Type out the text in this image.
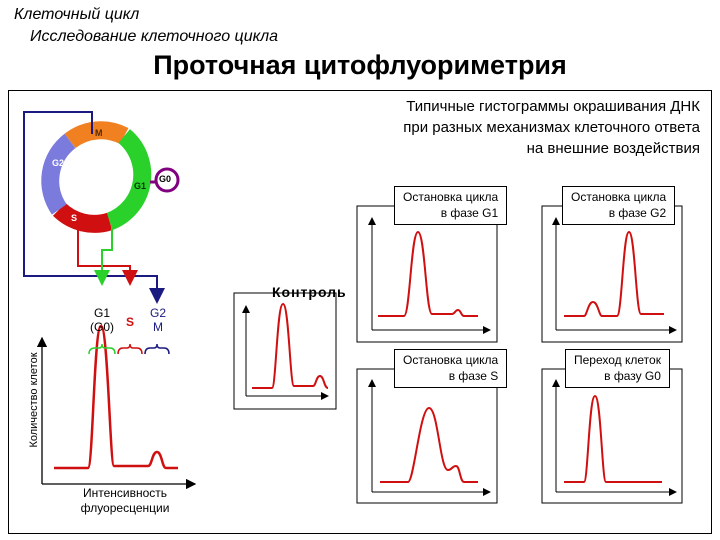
Клеточный цикл
Исследование клеточного цикла
Проточная цитофлуориметрия
Типичные гистограммы окрашивания ДНК
при разных механизмах клеточного ответа
на внешние воздействия
M
G2
G1
S
G0
G1
(G0) S
G2
M
Количество клеток
Интенсивность
флуоресценции
Контроль
Остановка цикла
в фазе G1
Остановка цикла
в фазе G2
Остановка цикла
в фазе S
Переход клеток
в фазу G0
